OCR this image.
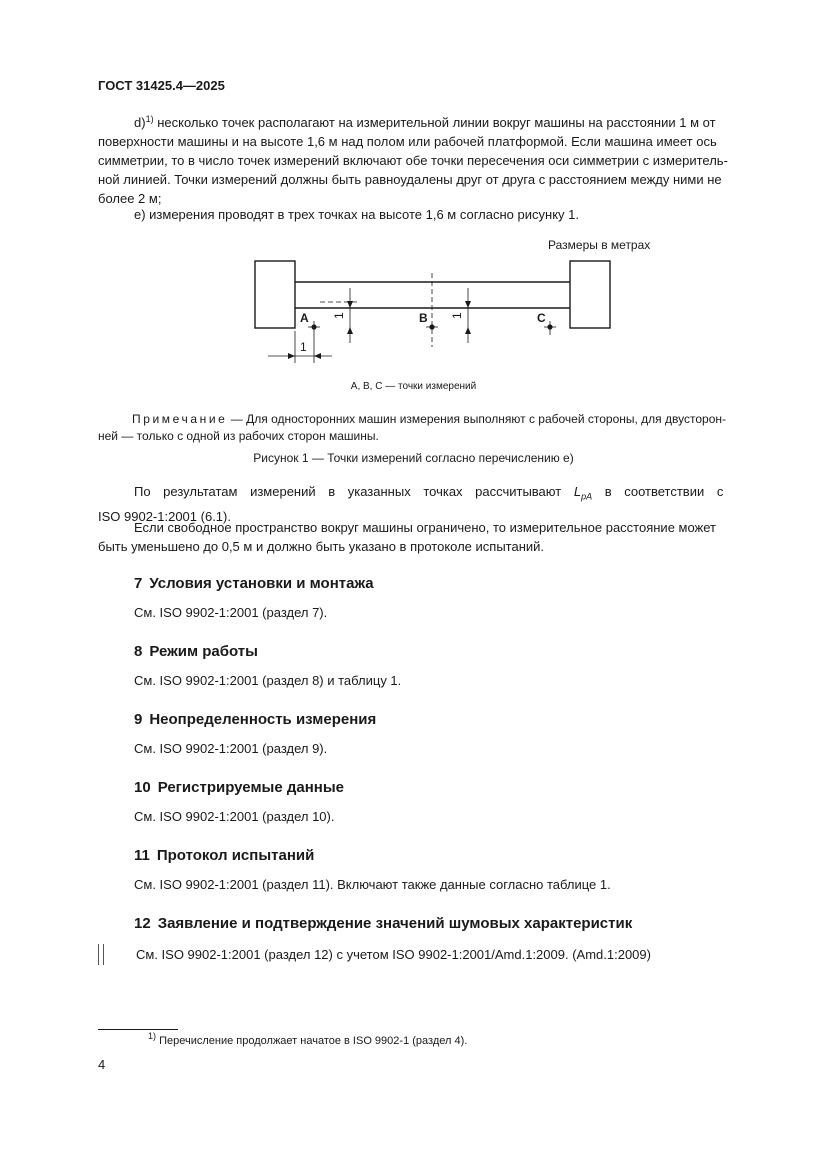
ГОСТ 31425.4—2025
d)$^{1)}$ несколько точек располагают на измерительной линии вокруг машины на расстоянии 1 м от
поверхности машины и на высоте 1,6 м над полом или рабочей платформой. Если машина имеет ось
симметрии, то в число точек измерений включают обе точки пересечения оси симметрии с измеритель-
ной линией. Точки измерений должны быть равноудалены друг от друга с расстоянием между ними не
более 2 м;
e) измерения проводят в трех точках на высоте 1,6 м согласно рисунку 1.
Размеры в метрах
A	B	C
1	1
1
А, В, С — точки измерений
Примечание — Для односторонних машин измерения выполняют с рабочей стороны, для двусторон-
ней — только с одной из рабочих сторон машины.
Рисунок 1 — Точки измерений согласно перечислению е)
По результатам измерений в указанных точках рассчитывают $L_{pA}$ в соответствии с
ISO 9902-1:2001 (6.1).
Если свободное пространство вокруг машины ограничено, то измерительное расстояние может
быть уменьшено до 0,5 м и должно быть указано в протоколе испытаний.
7 Условия установки и монтажа
См. ISO 9902-1:2001 (раздел 7).
8 Режим работы
См. ISO 9902-1:2001 (раздел 8) и таблицу 1.
9 Неопределенность измерения
См. ISO 9902-1:2001 (раздел 9).
10 Регистрируемые данные
См. ISO 9902-1:2001 (раздел 10).
11 Протокол испытаний
См. ISO 9902-1:2001 (раздел 11). Включают также данные согласно таблице 1.
12 Заявление и подтверждение значений шумовых характеристик
См. ISO 9902-1:2001 (раздел 12) с учетом ISO 9902-1:2001/Amd.1:2009. (Amd.1:2009)
$^{1)}$ Перечисление продолжает начатое в ISO 9902-1 (раздел 4).
4
